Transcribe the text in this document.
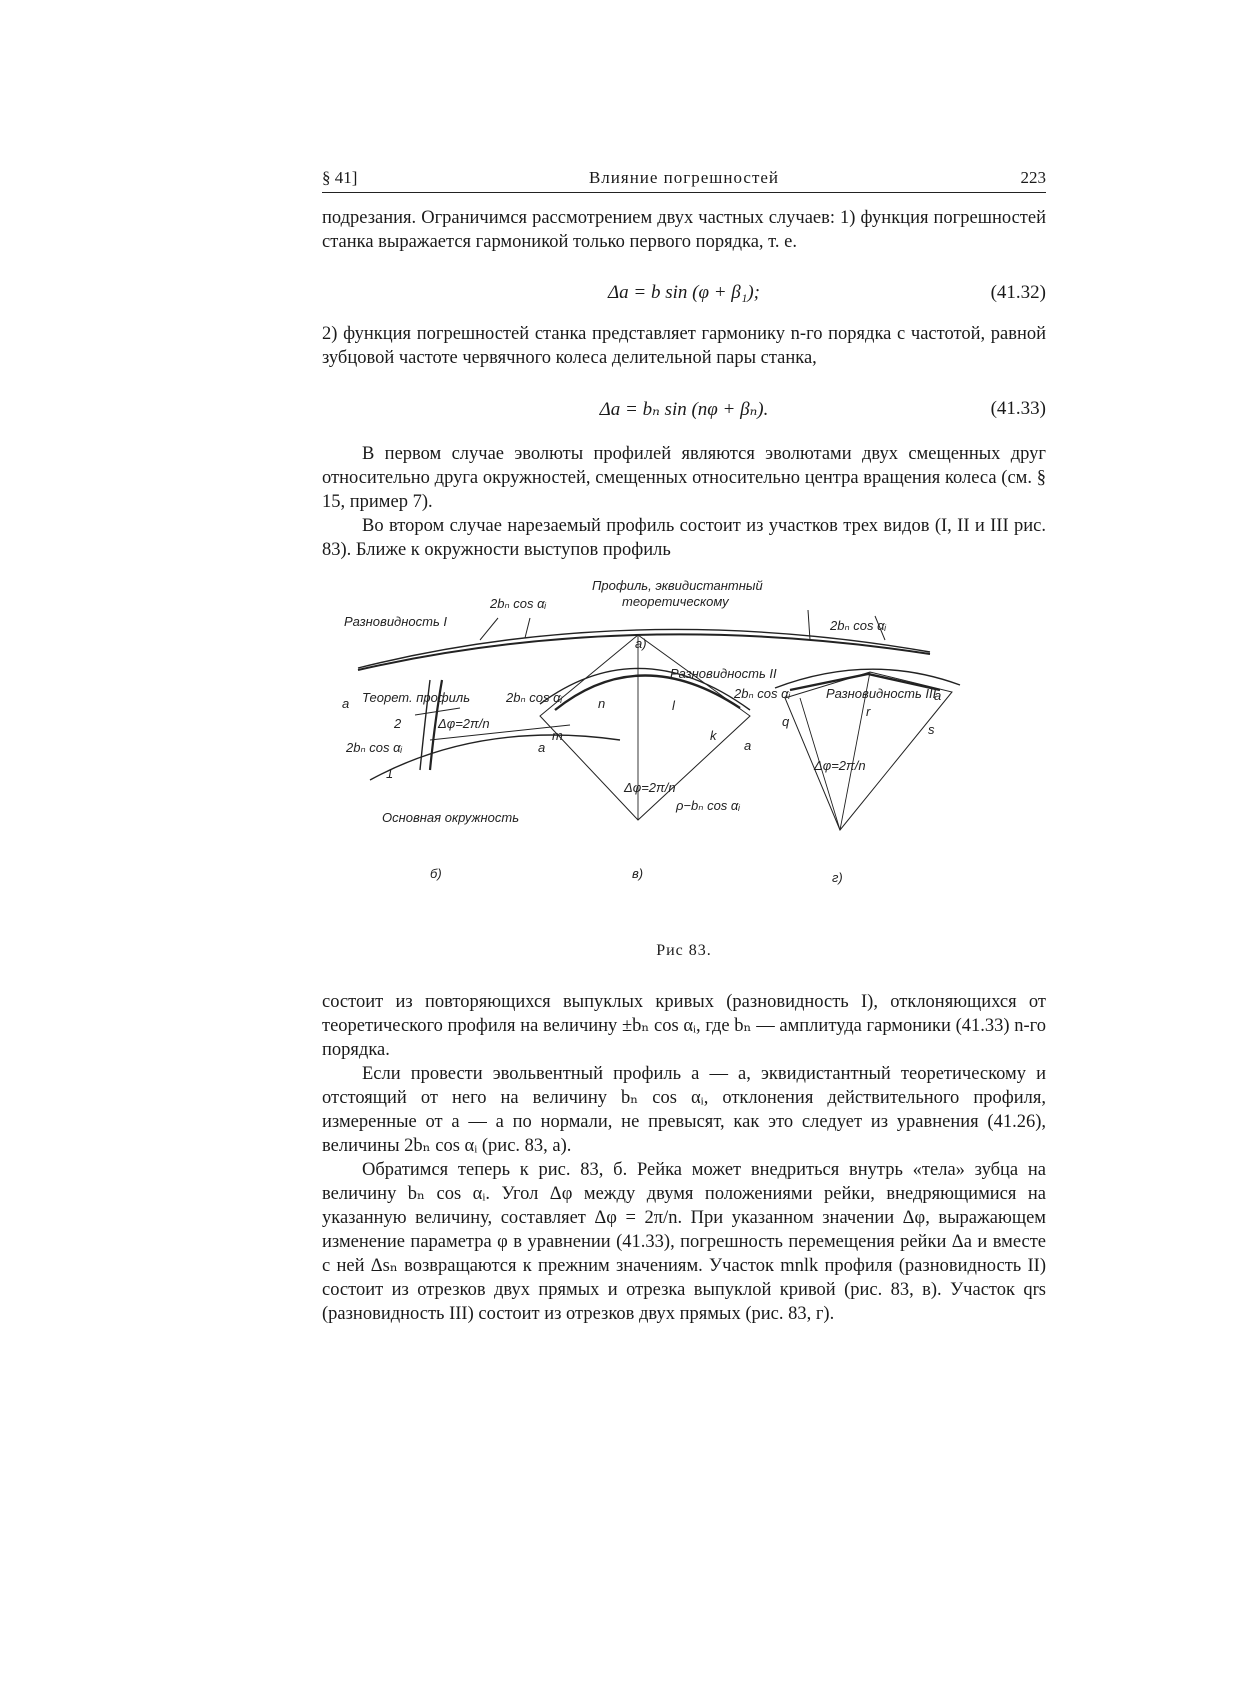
§ 41]	Влияние погрешностей	223

подрезания. Ограничимся рассмотрением двух частных случаев: 1) функция погрешностей станка выражается гармоникой только первого порядка, т. е.

Δa = b sin (φ + β₁);	(41.32)

2) функция погрешностей станка представляет гармонику n-го порядка с частотой, равной зубцовой частоте червячного колеса делительной пары станка,

Δa = bₙ sin (nφ + βₙ).	(41.33)

В первом случае эволюты профилей являются эволютами двух смещенных друг относительно друга окружностей, смещенных относительно центра вращения колеса (см. § 15, пример 7).

Во втором случае нарезаемый профиль состоит из участков трех видов (I, II и III рис. 83). Ближе к окружности выступов профиль

Разновидность I
2bₙ cos αᵢ
Профиль, эквидистантный
теоретическому
2bₙ cos αᵢ
a
a
a)
Теорет. профиль
2
1
Δφ=2π/n
2bₙ cos αᵢ
Основная окружность
б)
2bₙ cos αᵢ
Разновидность II
n	l
m	k
a	a
Δφ=2π/n
ρ−bₙ cos αᵢ
в)
2bₙ cos αᵢ	Разновидность III
q
r
s
Δφ=2π/n
г)
Рис 83.

состоит из повторяющихся выпуклых кривых (разновидность I), отклоняющихся от теоретического профиля на величину ±bₙ cos αᵢ, где bₙ — амплитуда гармоники (41.33) n-го порядка.

Если провести эвольвентный профиль a — a, эквидистантный теоретическому и отстоящий от него на величину bₙ cos αᵢ, отклонения действительного профиля, измеренные от a — a по нормали, не превысят, как это следует из уравнения (41.26), величины 2bₙ cos αᵢ (рис. 83, a).

Обратимся теперь к рис. 83, б. Рейка может внедриться внутрь «тела» зубца на величину bₙ cos αᵢ. Угол Δφ между двумя положениями рейки, внедряющимися на указанную величину, составляет Δφ = 2π/n. При указанном значении Δφ, выражающем изменение параметра φ в уравнении (41.33), погрешность перемещения рейки Δa и вместе с ней Δsₙ возвращаются к прежним значениям. Участок mnlk профиля (разновидность II) состоит из отрезков двух прямых и отрезка выпуклой кривой (рис. 83, в). Участок qrs (разновидность III) состоит из отрезков двух прямых (рис. 83, г).
